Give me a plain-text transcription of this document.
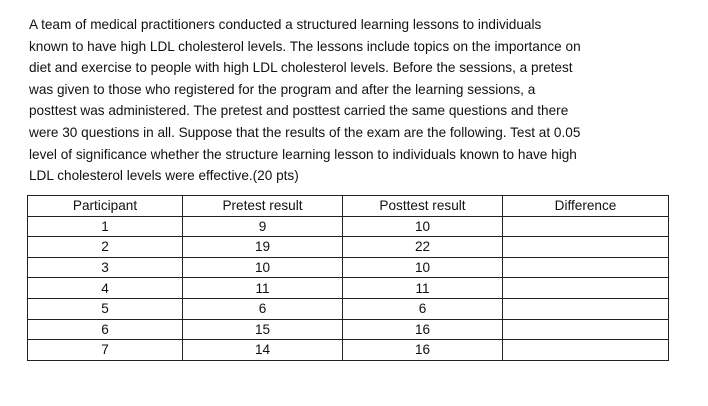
A team of medical practitioners conducted a structured learning lessons to individuals
known to have high LDL cholesterol levels. The lessons include topics on the importance on
diet and exercise to people with high LDL cholesterol levels. Before the sessions, a pretest
was given to those who registered for the program and after the learning sessions, a
posttest was administered. The pretest and posttest carried the same questions and there
were 30 questions in all. Suppose that the results of the exam are the following. Test at 0.05
level of significance whether the structure learning lesson to individuals known to have high
LDL cholesterol levels were effective.(20 pts)
Participant	Pretest result	Posttest result	Difference
1	9	10	
2	19	22	
3	10	10	
4	11	11	
5	6	6	
6	15	16	
7	14	16	
